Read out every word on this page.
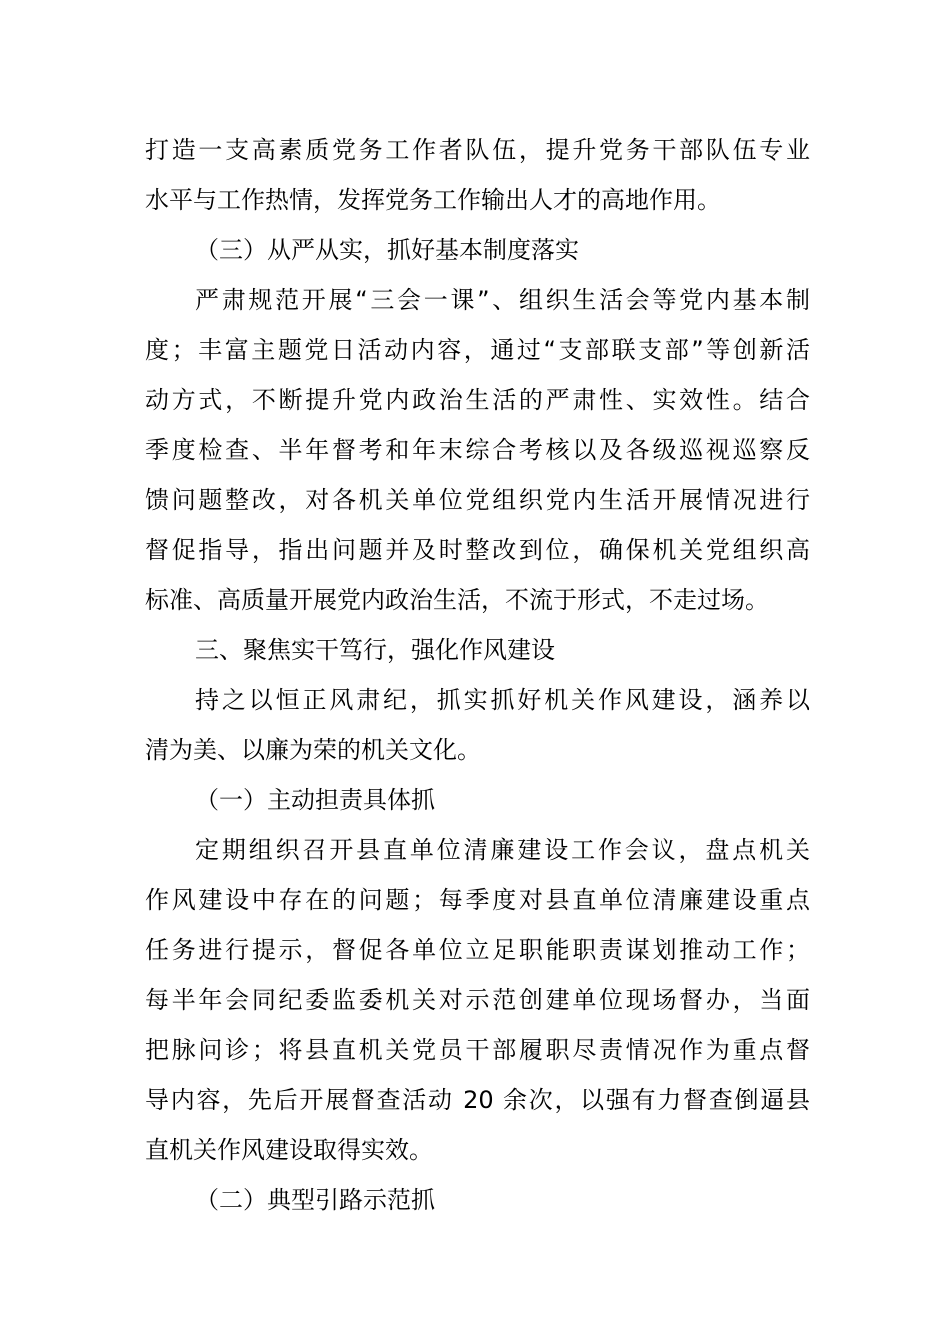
打造一支高素质党务工作者队伍，提升党务干部队伍专业
水平与工作热情，发挥党务工作输出人才的高地作用。
（三）从严从实，抓好基本制度落实
严肃规范开展“三会一课”、组织生活会等党内基本制
度；丰富主题党日活动内容，通过“支部联支部”等创新活
动方式，不断提升党内政治生活的严肃性、实效性。结合
季度检查、半年督考和年末综合考核以及各级巡视巡察反
馈问题整改，对各机关单位党组织党内生活开展情况进行
督促指导，指出问题并及时整改到位，确保机关党组织高
标准、高质量开展党内政治生活，不流于形式，不走过场。
三、聚焦实干笃行，强化作风建设
持之以恒正风肃纪，抓实抓好机关作风建设，涵养以
清为美、以廉为荣的机关文化。
（一）主动担责具体抓
定期组织召开县直单位清廉建设工作会议，盘点机关
作风建设中存在的问题；每季度对县直单位清廉建设重点
任务进行提示，督促各单位立足职能职责谋划推动工作；
每半年会同纪委监委机关对示范创建单位现场督办，当面
把脉问诊；将县直机关党员干部履职尽责情况作为重点督
导内容，先后开展督查活动 20 余次，以强有力督查倒逼县
直机关作风建设取得实效。
（二）典型引路示范抓
